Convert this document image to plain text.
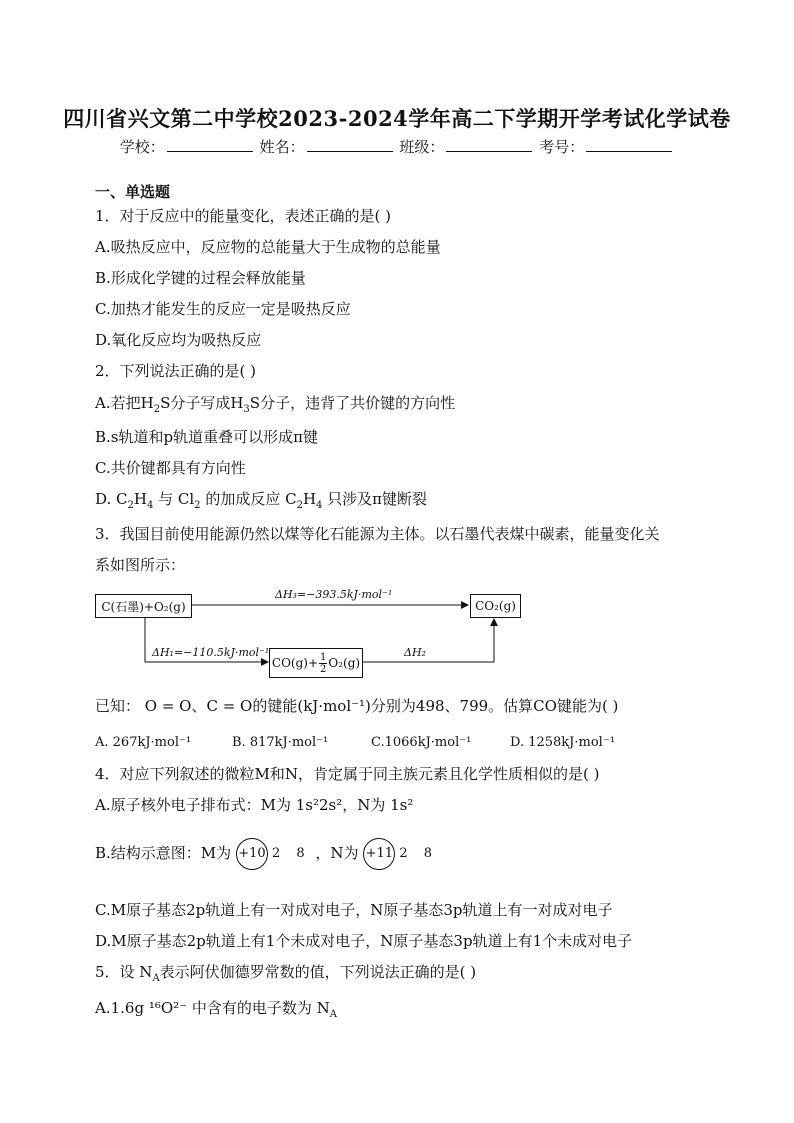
四川省兴文第二中学校2023-2024学年高二下学期开学考试化学试卷
学校：	姓名：	班级：	考号：
一、单选题
1．对于反应中的能量变化，表述正确的是( )
A.吸热反应中，反应物的总能量大于生成物的总能量
B.形成化学键的过程会释放能量
C.加热才能发生的反应一定是吸热反应
D.氧化反应均为吸热反应
2．下列说法正确的是( )
A.若把$H_2S$分子写成$H_3S$分子，违背了共价键的方向性
B.s轨道和p轨道重叠可以形成π键
C.共价键都具有方向性
D. $C_2H_4$ 与 $Cl_2$ 的加成反应 $C_2H_4$ 只涉及π键断裂
3．我国目前使用能源仍然以煤等化石能源为主体。以石墨代表煤中碳素，能量变化关
系如图所示：
C(石墨)+O₂(g)	CO₂(g)
$CO(g)+ \frac{1}{2} O_2(g)$
ΔH₃=−393.5kJ·mol⁻¹
ΔH₁=−110.5kJ·mol⁻¹	ΔH₂
已知： O = O、C = O的键能(kJ·mol⁻¹)分别为498、799。估算CO键能为( )
A. 267kJ·mol⁻¹	B. 817kJ·mol⁻¹	C.1066kJ·mol⁻¹	D. 1258kJ·mol⁻¹
4．对应下列叙述的微粒M和N，肯定属于同主族元素且化学性质相似的是( )
A.原子核外电子排布式：M为 1s²2s²，N为 1s²
B.结构示意图：M为 +10 2 8 ，N为 +11 2 8
C.M原子基态2p轨道上有一对成对电子，N原子基态3p轨道上有一对成对电子
D.M原子基态2p轨道上有1个未成对电子，N原子基态3p轨道上有1个未成对电子
5．设 $N_A$表示阿伏伽德罗常数的值，下列说法正确的是( )
A.1.6g ¹⁶O²⁻ 中含有的电子数为 $N_A$
